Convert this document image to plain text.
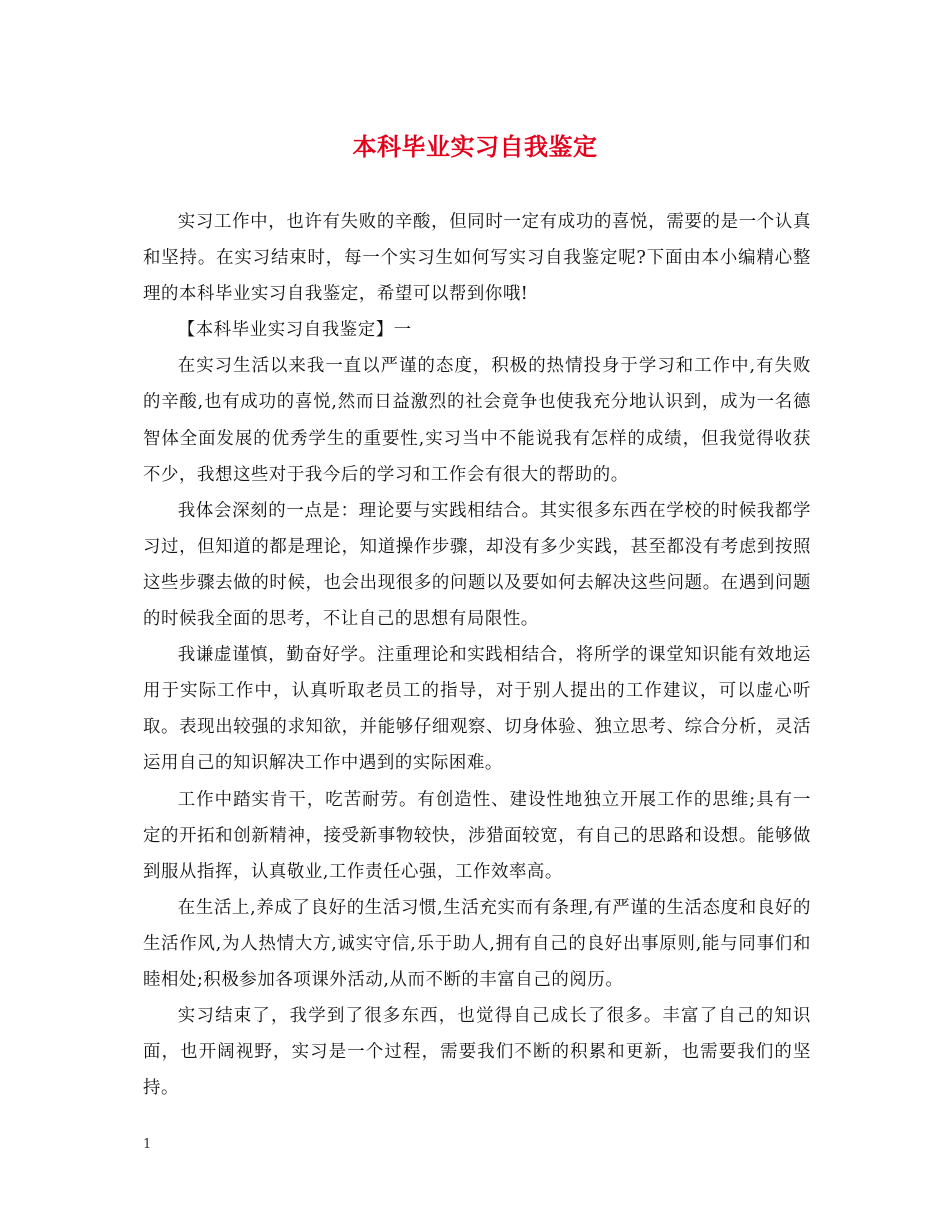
本科毕业实习自我鉴定

实习工作中，也许有失败的辛酸，但同时一定有成功的喜悦，需要的是一个认真和坚持。在实习结束时，每一个实习生如何写实习自我鉴定呢?下面由本小编精心整理的本科毕业实习自我鉴定，希望可以帮到你哦!

【本科毕业实习自我鉴定】一

在实习生活以来我一直以严谨的态度，积极的热情投身于学习和工作中,有失败的辛酸,也有成功的喜悦,然而日益激烈的社会竟争也使我充分地认识到，成为一名德智体全面发展的优秀学生的重要性,实习当中不能说我有怎样的成绩，但我觉得收获不少，我想这些对于我今后的学习和工作会有很大的帮助的。

我体会深刻的一点是：理论要与实践相结合。其实很多东西在学校的时候我都学习过，但知道的都是理论，知道操作步骤，却没有多少实践，甚至都没有考虑到按照这些步骤去做的时候，也会出现很多的问题以及要如何去解决这些问题。在遇到问题的时候我全面的思考，不让自己的思想有局限性。

我谦虚谨慎，勤奋好学。注重理论和实践相结合，将所学的课堂知识能有效地运用于实际工作中，认真听取老员工的指导，对于别人提出的工作建议，可以虚心听取。表现出较强的求知欲，并能够仔细观察、切身体验、独立思考、综合分析，灵活运用自己的知识解决工作中遇到的实际困难。

工作中踏实肯干，吃苦耐劳。有创造性、建设性地独立开展工作的思维;具有一定的开拓和创新精神，接受新事物较快，涉猎面较宽，有自己的思路和设想。能够做到服从指挥，认真敬业,工作责任心强，工作效率高。

在生活上,养成了良好的生活习惯,生活充实而有条理,有严谨的生活态度和良好的生活作风,为人热情大方,诚实守信,乐于助人,拥有自己的良好出事原则,能与同事们和睦相处;积极参加各项课外活动,从而不断的丰富自己的阅历。

实习结束了，我学到了很多东西，也觉得自己成长了很多。丰富了自己的知识面，也开阔视野，实习是一个过程，需要我们不断的积累和更新，也需要我们的坚持。

1
